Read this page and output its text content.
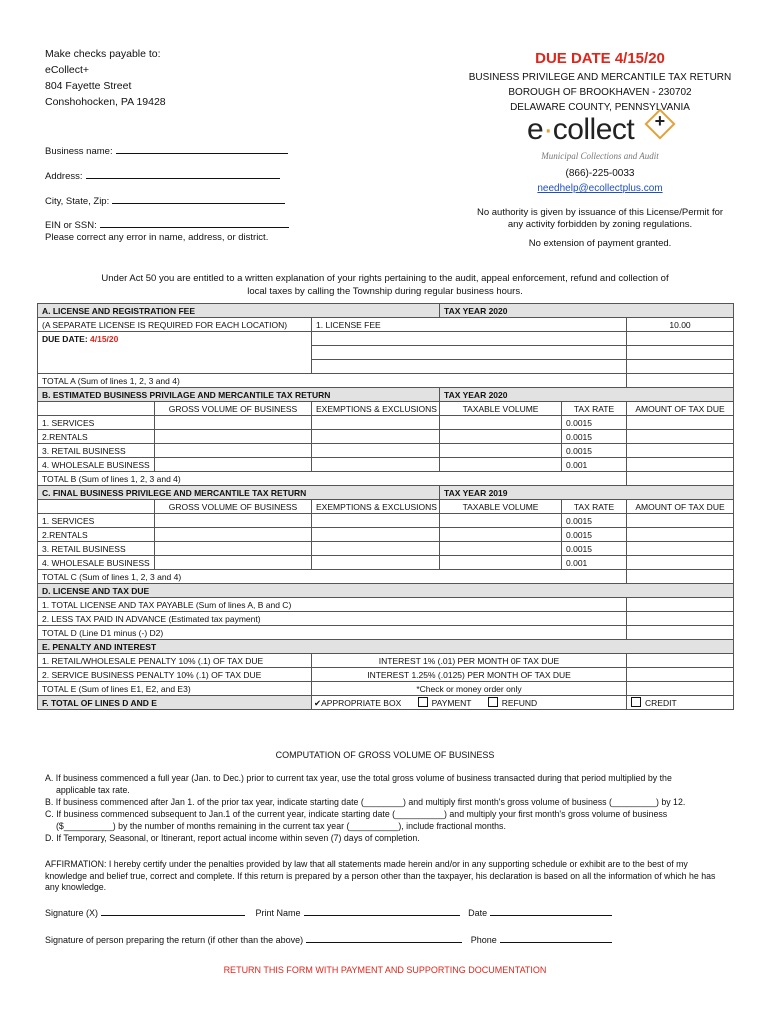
Make checks payable to:
eCollect+
804 Fayette Street
Conshohocken, PA 19428
DUE DATE 4/15/20
BUSINESS PRIVILEGE AND MERCANTILE TAX RETURN
BOROUGH OF BROOKHAVEN - 230702
DELAWARE COUNTY, PENNSYLVANIA
e·collect +
Municipal Collections and Audit
(866)-225-0033
needhelp@ecollectplus.com
No authority is given by issuance of this License/Permit for any activity forbidden by zoning regulations.
No extension of payment granted.
Business name:
Address:
City, State, Zip:
EIN or SSN:
Please correct any error in name, address, or district.
Under Act 50 you are entitled to a written explanation of your rights pertaining to the audit, appeal enforcement, refund and collection of local taxes by calling the Township during regular business hours.
A. LICENSE AND REGISTRATION FEE			TAX YEAR 2020		
(A SEPARATE LICENSE IS REQUIRED FOR EACH LOCATION)		1. LICENSE FEE			10.00
DUE DATE: 4/15/20					

TOTAL A (Sum of lines 1, 2, 3 and 4)					
B. ESTIMATED BUSINESS PRIVILAGE AND MERCANTILE TAX RETURN			TAX YEAR 2020		
	GROSS VOLUME OF BUSINESS	EXEMPTIONS & EXCLUSIONS	TAXABLE VOLUME	TAX RATE	AMOUNT OF TAX DUE
1. SERVICES				0.0015	
2.RENTALS				0.0015	
3. RETAIL BUSINESS				0.0015	
4. WHOLESALE BUSINESS				0.001	
TOTAL B (Sum of lines 1, 2, 3 and 4)					
C. FINAL BUSINESS PRIVILEGE AND MERCANTILE TAX RETURN			TAX YEAR 2019		
	GROSS VOLUME OF BUSINESS	EXEMPTIONS & EXCLUSIONS	TAXABLE VOLUME	TAX RATE	AMOUNT OF TAX DUE
1. SERVICES				0.0015	
2.RENTALS				0.0015	
3. RETAIL BUSINESS				0.0015	
4. WHOLESALE BUSINESS				0.001	
TOTAL C (Sum of lines 1, 2, 3 and 4)					
D. LICENSE AND TAX DUE					
1. TOTAL LICENSE AND TAX PAYABLE (Sum of lines A, B and C)					
2. LESS TAX PAID IN ADVANCE (Estimated tax payment)					
TOTAL D (Line D1 minus (-) D2)					
E. PENALTY AND INTEREST					
1. RETAIL/WHOLESALE PENALTY 10% (.1) OF TAX DUE		INTEREST 1% (.01) PER MONTH 0F TAX DUE			
2. SERVICE BUSINESS PENALTY 10% (.1) OF TAX DUE		INTEREST 1.25% (.0125) PER MONTH OF TAX DUE			
TOTAL E (Sum of lines E1, E2, and E3)		*Check or money order only			
F. TOTAL OF LINES D AND E		✔APPROPRIATE BOX PAYMENT REFUND			CREDIT
COMPUTATION OF GROSS VOLUME OF BUSINESS

A. If business commenced a full year (Jan. to Dec.) prior to current tax year, use the total gross volume of business transacted during that period multiplied by the

applicable tax rate.

B. If business commenced after Jan 1. of the prior tax year, indicate starting date (________) and multiply first month's gross volume of business (_________) by 12.

C. If business commenced subsequent to Jan.1 of the current year, indicate starting date (__________) and multiply your first month's gross volume of business

($__________) by the number of months remaining in the current tax year (__________), include fractional months.

D. If Temporary, Seasonal, or Itinerant, report actual income within seven (7) days of completion.

AFFIRMATION: I hereby certify under the penalties provided by law that all statements made herein and/or in any supporting schedule or exhibit are to the best of my knowledge and belief true, correct and complete. If this return is prepared by a person other than the taxpayer, his declaration is based on all the information of which he has any knowledge.
Signature (X)	Print Name	Date
Signature of person preparing the return (if other than the above)	Phone
RETURN THIS FORM WITH PAYMENT AND SUPPORTING DOCUMENTATION
